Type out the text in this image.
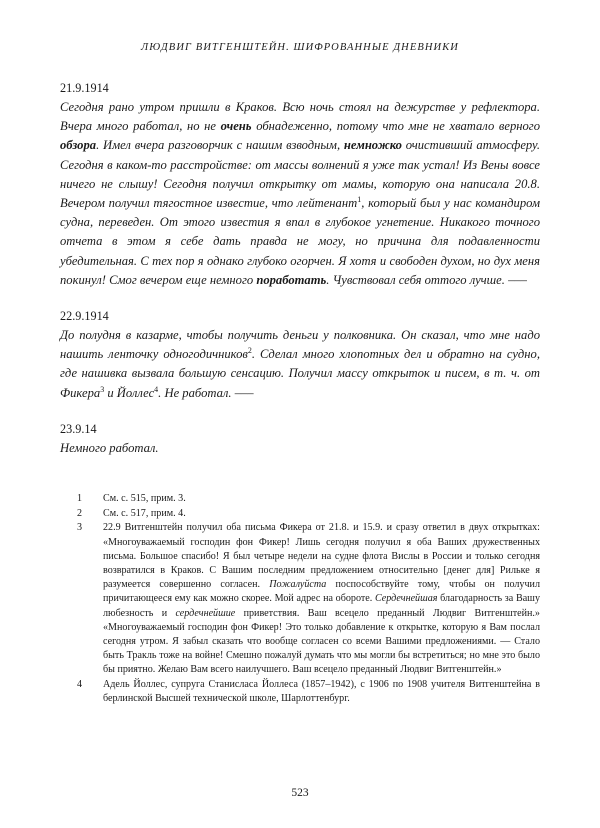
ЛЮДВИГ ВИТГЕНШТЕЙН. ШИФРОВАННЫЕ ДНЕВНИКИ
21.9.1914
Сегодня рано утром пришли в Краков. Всю ночь стоял на дежурстве у рефлектора. Вчера много работал, но не очень обнадеженно, потому что мне не хватало верного обзора. Имел вчера разговорчик с нашим взводным, немножко очистивший атмосферу. Сегодня в каком-то расстройстве: от массы волнений я уже так устал! Из Вены вовсе ничего не слышу! Сегодня получил открытку от мамы, которую она написала 20.8. Вечером получил тягостное известие, что лейтенант$^1$, который был у нас командиром судна, переведен. От этого известия я впал в глубокое угнетение. Никакого точного отчета в этом я себе дать правда не могу, но причина для подавленности убедительная. С тех пор я однако глубоко огорчен. Я хотя и свободен духом, но дух меня покинул! Смог вечером еще немного поработать. Чувствовал себя оттого лучше. –––
22.9.1914
До полудня в казарме, чтобы получить деньги у полковника. Он сказал, что мне надо нашить ленточку одногодичников$^2$. Сделал много хлопотных дел и обратно на судно, где нашивка вызвала большую сенсацию. Получил массу открыток и писем, в т. ч. от Фикера$^3$ и Йоллес$^4$. Не работал. –––
23.9.14
Немного работал.
1	См. с. 515, прим. 3.
2	См. с. 517, прим. 4.
3	22.9 Витгенштейн получил оба письма Фикера от 21.8. и 15.9. и сразу ответил в двух открытках: «Многоуважаемый господин фон Фикер! Лишь сегодня получил я оба Ваших дружественных письма. Большое спасибо! Я был четыре недели на судне флота Вислы в России и только сегодня возвратился в Краков. С Вашим последним предложением относительно [денег для] Рильке я разумеется совершенно согласен. Пожалуйста поспособствуйте тому, чтобы он получил причитающееся ему как можно скорее. Мой адрес на обороте. Сердечнейшая благодарность за Вашу любезность и сердечнейшие приветствия. Ваш всецело преданный Людвиг Витгенштейн.» «Многоуважаемый господин фон Фикер! Это только добавление к открытке, которую я Вам послал сегодня утром. Я забыл сказать что вообще согласен со всеми Вашими предложениями. — Стало быть Тракль тоже на войне! Смешно пожалуй думать что мы могли бы встретиться; но мне это было бы приятно. Желаю Вам всего наилучшего. Ваш всецело преданный Людвиг Витгенштейн.»
4	Адель Йоллес, супруга Станисласа Йоллеса (1857–1942), с 1906 по 1908 учителя Витгенштейна в берлинской Высшей технической школе, Шарлоттенбург.
523
